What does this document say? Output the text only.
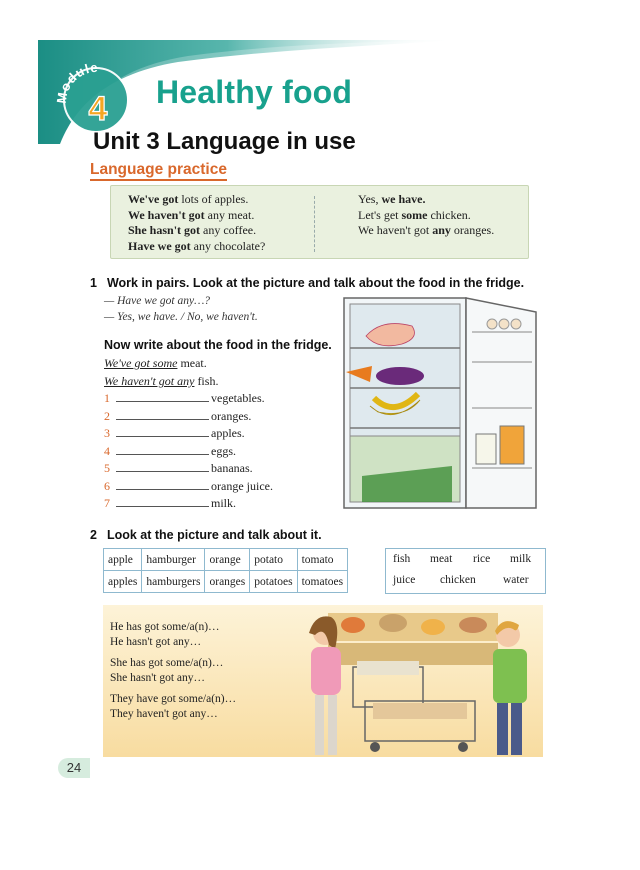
Module
4 Healthy food
Unit 3 Language in use
Language practice
We've got lots of apples.
We haven't got any meat.
She hasn't got any coffee.
Have we got any chocolate?
Yes, we have.
Let's get some chicken.
We haven't got any oranges.
1 Work in pairs. Look at the picture and talk about the food in the fridge.
— Have we got any…?
— Yes, we have. / No, we haven't.
Now write about the food in the fridge.
We've got some meat.
We haven't got any fish.
1	vegetables.
2	oranges.
3	apples.
4	eggs.
5	bananas.
6	orange juice.
7	milk.
2 Look at the picture and talk about it.
apple	hamburger	orange	potato	tomato
apples	hamburgers	oranges	potatoes	tomatoes
fish meat rice milk
juice chicken water
He has got some/a(n)…
He hasn't got any…
She has got some/a(n)…
She hasn't got any…
They have got some/a(n)…
They haven't got any…
24
